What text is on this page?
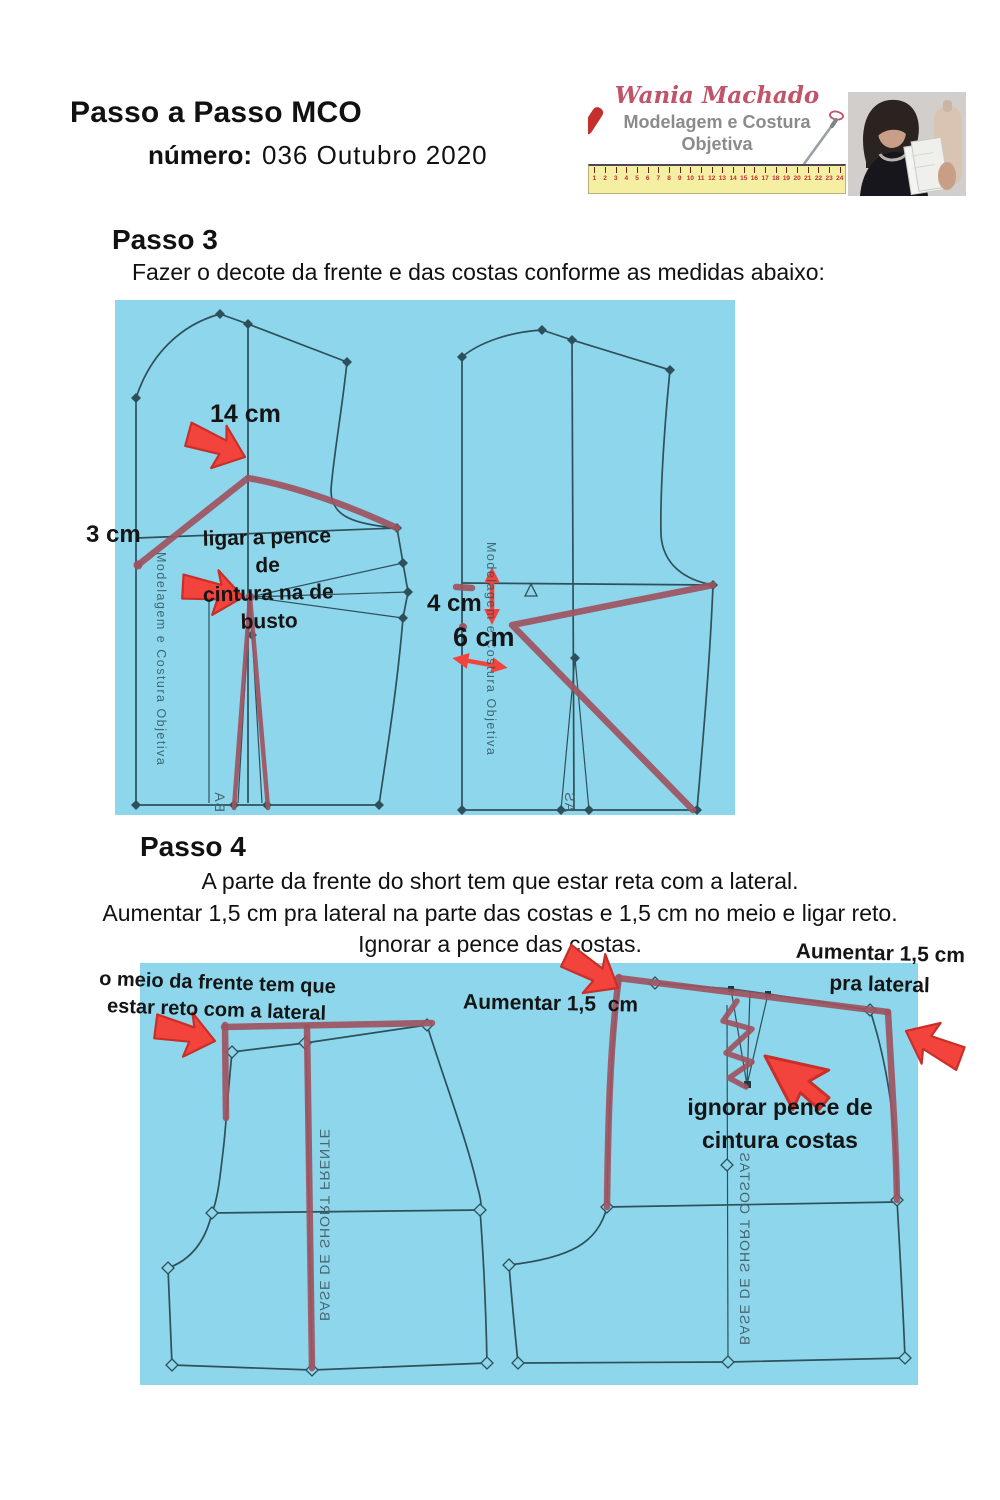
Passo a Passo MCO
número: 036 Outubro 2020
Wania Machado
Modelagem e Costura
Objetiva
1	2	3	4	5	6	7	8	9 10 11 12 13 14 15 16 17 18 19 20 21 22 23 24
Passo 3
Fazer o decote da frente e das costas conforme as medidas abaixo:
Modelagem e Costura Objetiva	Modelagem e Costura Objetiva
BA	AS
14 cm
3 cm	ligar a pence de
cintura na de
busto
4 cm
6 cm
Passo 4
A parte da frente do short tem que estar reta com a lateral.
Aumentar 1,5 cm pra lateral na parte das costas e 1,5 cm no meio e ligar reto.
Ignorar a pence das costas.
BASE DE SHORT FRENTE	BASE DE SHORT COSTAS
o meio da frente tem que
estar reto com a lateral	Aumentar 1,5  cm
Aumentar 1,5 cm
pra lateral
ignorar pence de
cintura costas
